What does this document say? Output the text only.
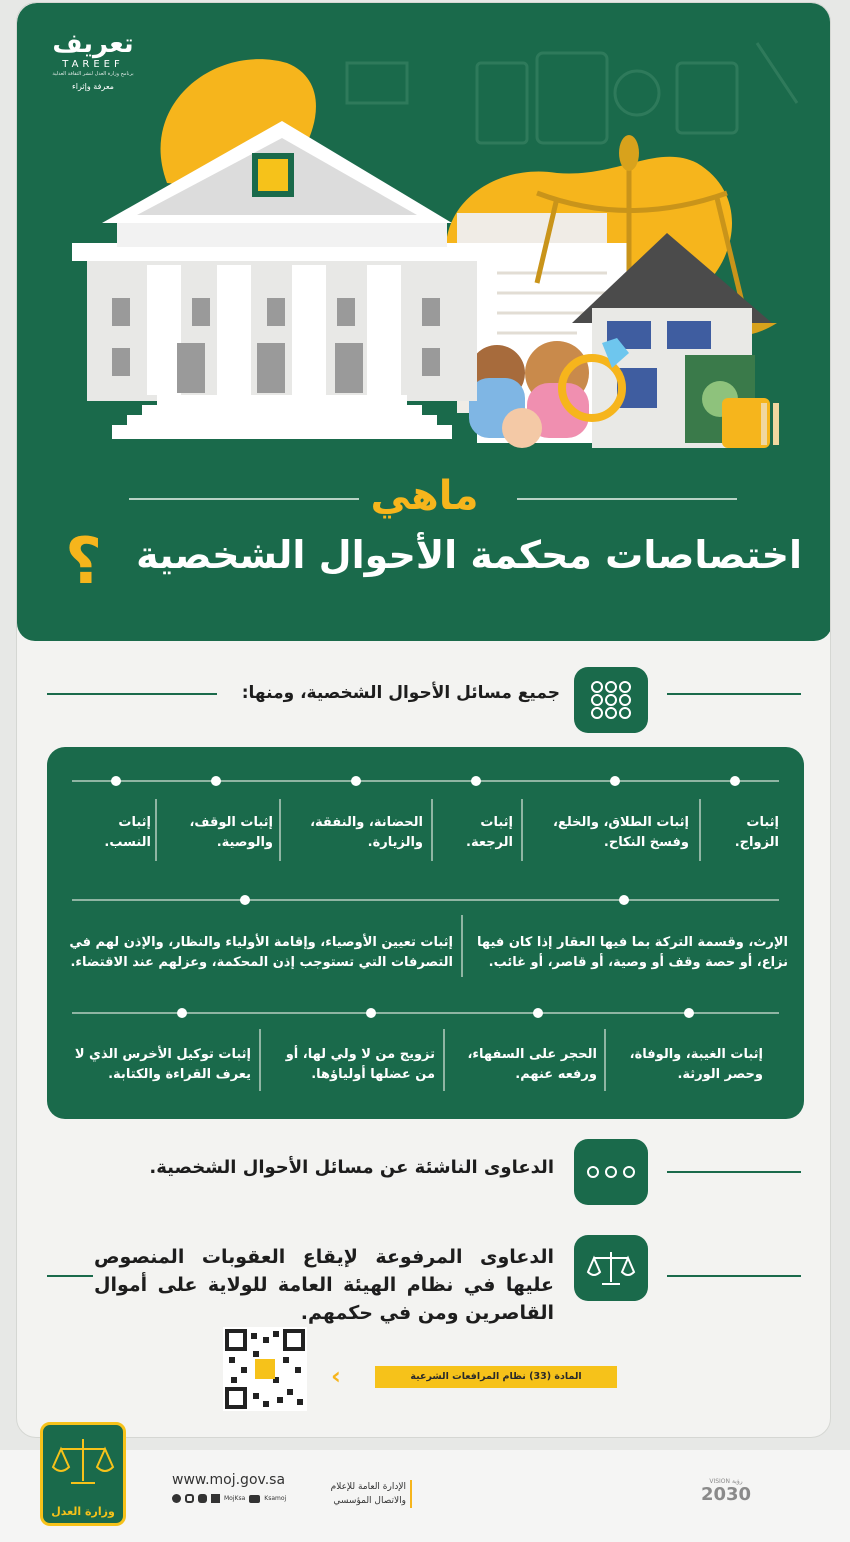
تعريف
TAREEF
برنامج وزارة العدل لنشر الثقافة العدلية
معرفة وإثراء
ماهي
اختصاصات محكمة الأحوال الشخصية
؟
جميع مسائل الأحوال الشخصية، ومنها:
إثبات الزواج.
إثبات الطلاق، والخلع، وفسخ النكاح.
إثبات الرجعة.
الحضانة، والنفقة، والزيارة.
إثبات الوقف، والوصية.
إثبات النسب.
الإرث، وقسمة التركة بما فيها العقار إذا كان فيها نزاع، أو حصة وقف أو وصية، أو قاصر، أو غائب.
إثبات تعيين الأوصياء، وإقامة الأولياء والنظار، والإذن لهم في التصرفات التي تستوجب إذن المحكمة، وعزلهم عند الاقتضاء.
إثبات الغيبة، والوفاة، وحصر الورثة.
الحجر على السفهاء، ورفعه عنهم.
تزويج من لا ولي لها، أو من عضلها أولياؤها.
إثبات توكيل الأخرس الذي لا يعرف القراءة والكتابة.
الدعاوى الناشئة عن مسائل الأحوال الشخصية.
الدعاوى المرفوعة لإيقاع العقوبات المنصوص عليها في نظام الهيئة العامة للولاية على أموال القاصرين ومن في حكمهم.
‹	المادة (33) نظام المرافعات الشرعية
وزارة العدل
www.moj.gov.sa
MojKsa	Ksamoj
الإدارة العامة للإعلام
والاتصال المؤسسي
VISION رؤية
2030
